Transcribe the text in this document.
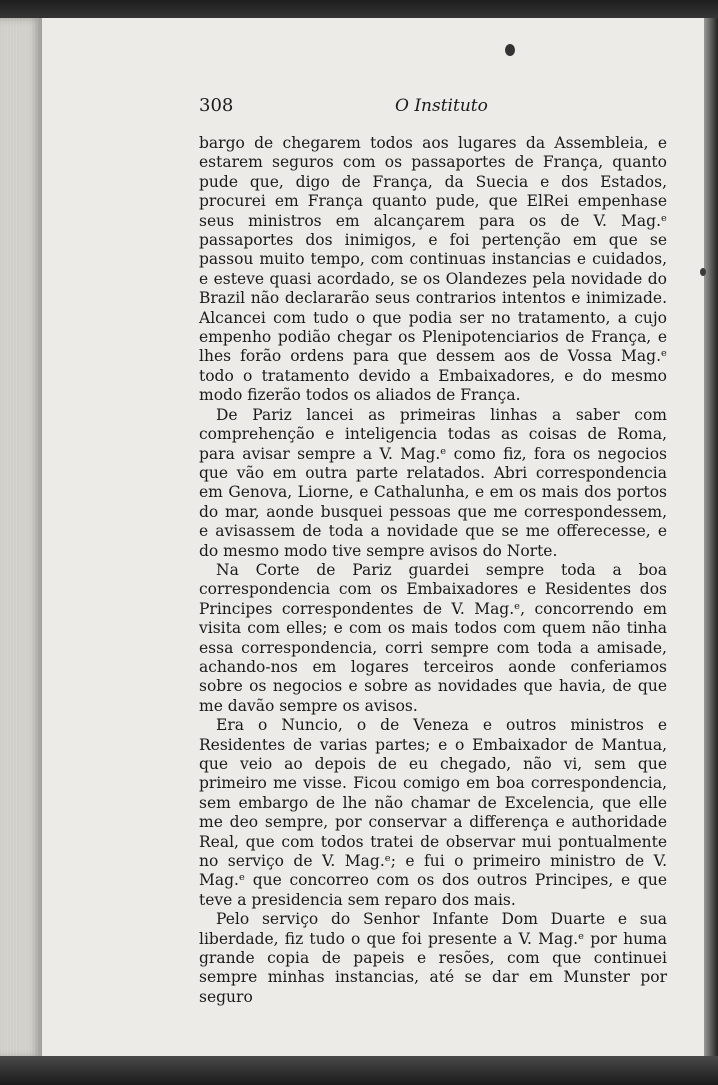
308	O Instituto

bargo de chegarem todos aos lugares da Assembleia, e estarem seguros com os passaportes de França, quanto pude que, digo de França, da Suecia e dos Estados, procurei em França quanto pude, que ElRei empenhase seus ministros em alcançarem para os de V. Mag.ᵉ passaportes dos inimigos, e foi pertenção em que se passou muito tempo, com continuas instancias e cuidados, e esteve quasi acordado, se os Olandezes pela novidade do Brazil não declararão seus contrarios intentos e inimizade. Alcancei com tudo o que podia ser no tratamento, a cujo empenho podião chegar os Plenipotenciarios de França, e lhes forão ordens para que dessem aos de Vossa Mag.ᵉ todo o tratamento devido a Embaixadores, e do mesmo modo fizerão todos os aliados de França.

De Pariz lancei as primeiras linhas a saber com comprehenção e inteligencia todas as coisas de Roma, para avisar sempre a V. Mag.ᵉ como fiz, fora os negocios que vão em outra parte relatados. Abri correspondencia em Genova, Liorne, e Cathalunha, e em os mais dos portos do mar, aonde busquei pessoas que me correspondessem, e avisassem de toda a novidade que se me offerecesse, e do mesmo modo tive sempre avisos do Norte.

Na Corte de Pariz guardei sempre toda a boa correspondencia com os Embaixadores e Residentes dos Principes correspondentes de V. Mag.ᵉ, concorrendo em visita com elles; e com os mais todos com quem não tinha essa correspondencia, corri sempre com toda a amisade, achando-nos em logares terceiros aonde conferiamos sobre os negocios e sobre as novidades que havia, de que me davão sempre os avisos.

Era o Nuncio, o de Veneza e outros ministros e Residentes de varias partes; e o Embaixador de Mantua, que veio ao depois de eu chegado, não vi, sem que primeiro me visse. Ficou comigo em boa correspondencia, sem embargo de lhe não chamar de Excelencia, que elle me deo sempre, por conservar a differença e authoridade Real, que com todos tratei de observar mui pontualmente no serviço de V. Mag.ᵉ; e fui o primeiro ministro de V. Mag.ᵉ que concorreo com os dos outros Principes, e que teve a presidencia sem reparo dos mais.

Pelo serviço do Senhor Infante Dom Duarte e sua liberdade, fiz tudo o que foi presente a V. Mag.ᵉ por huma grande copia de papeis e resões, com que continuei sempre minhas instancias, até se dar em Munster por seguro
